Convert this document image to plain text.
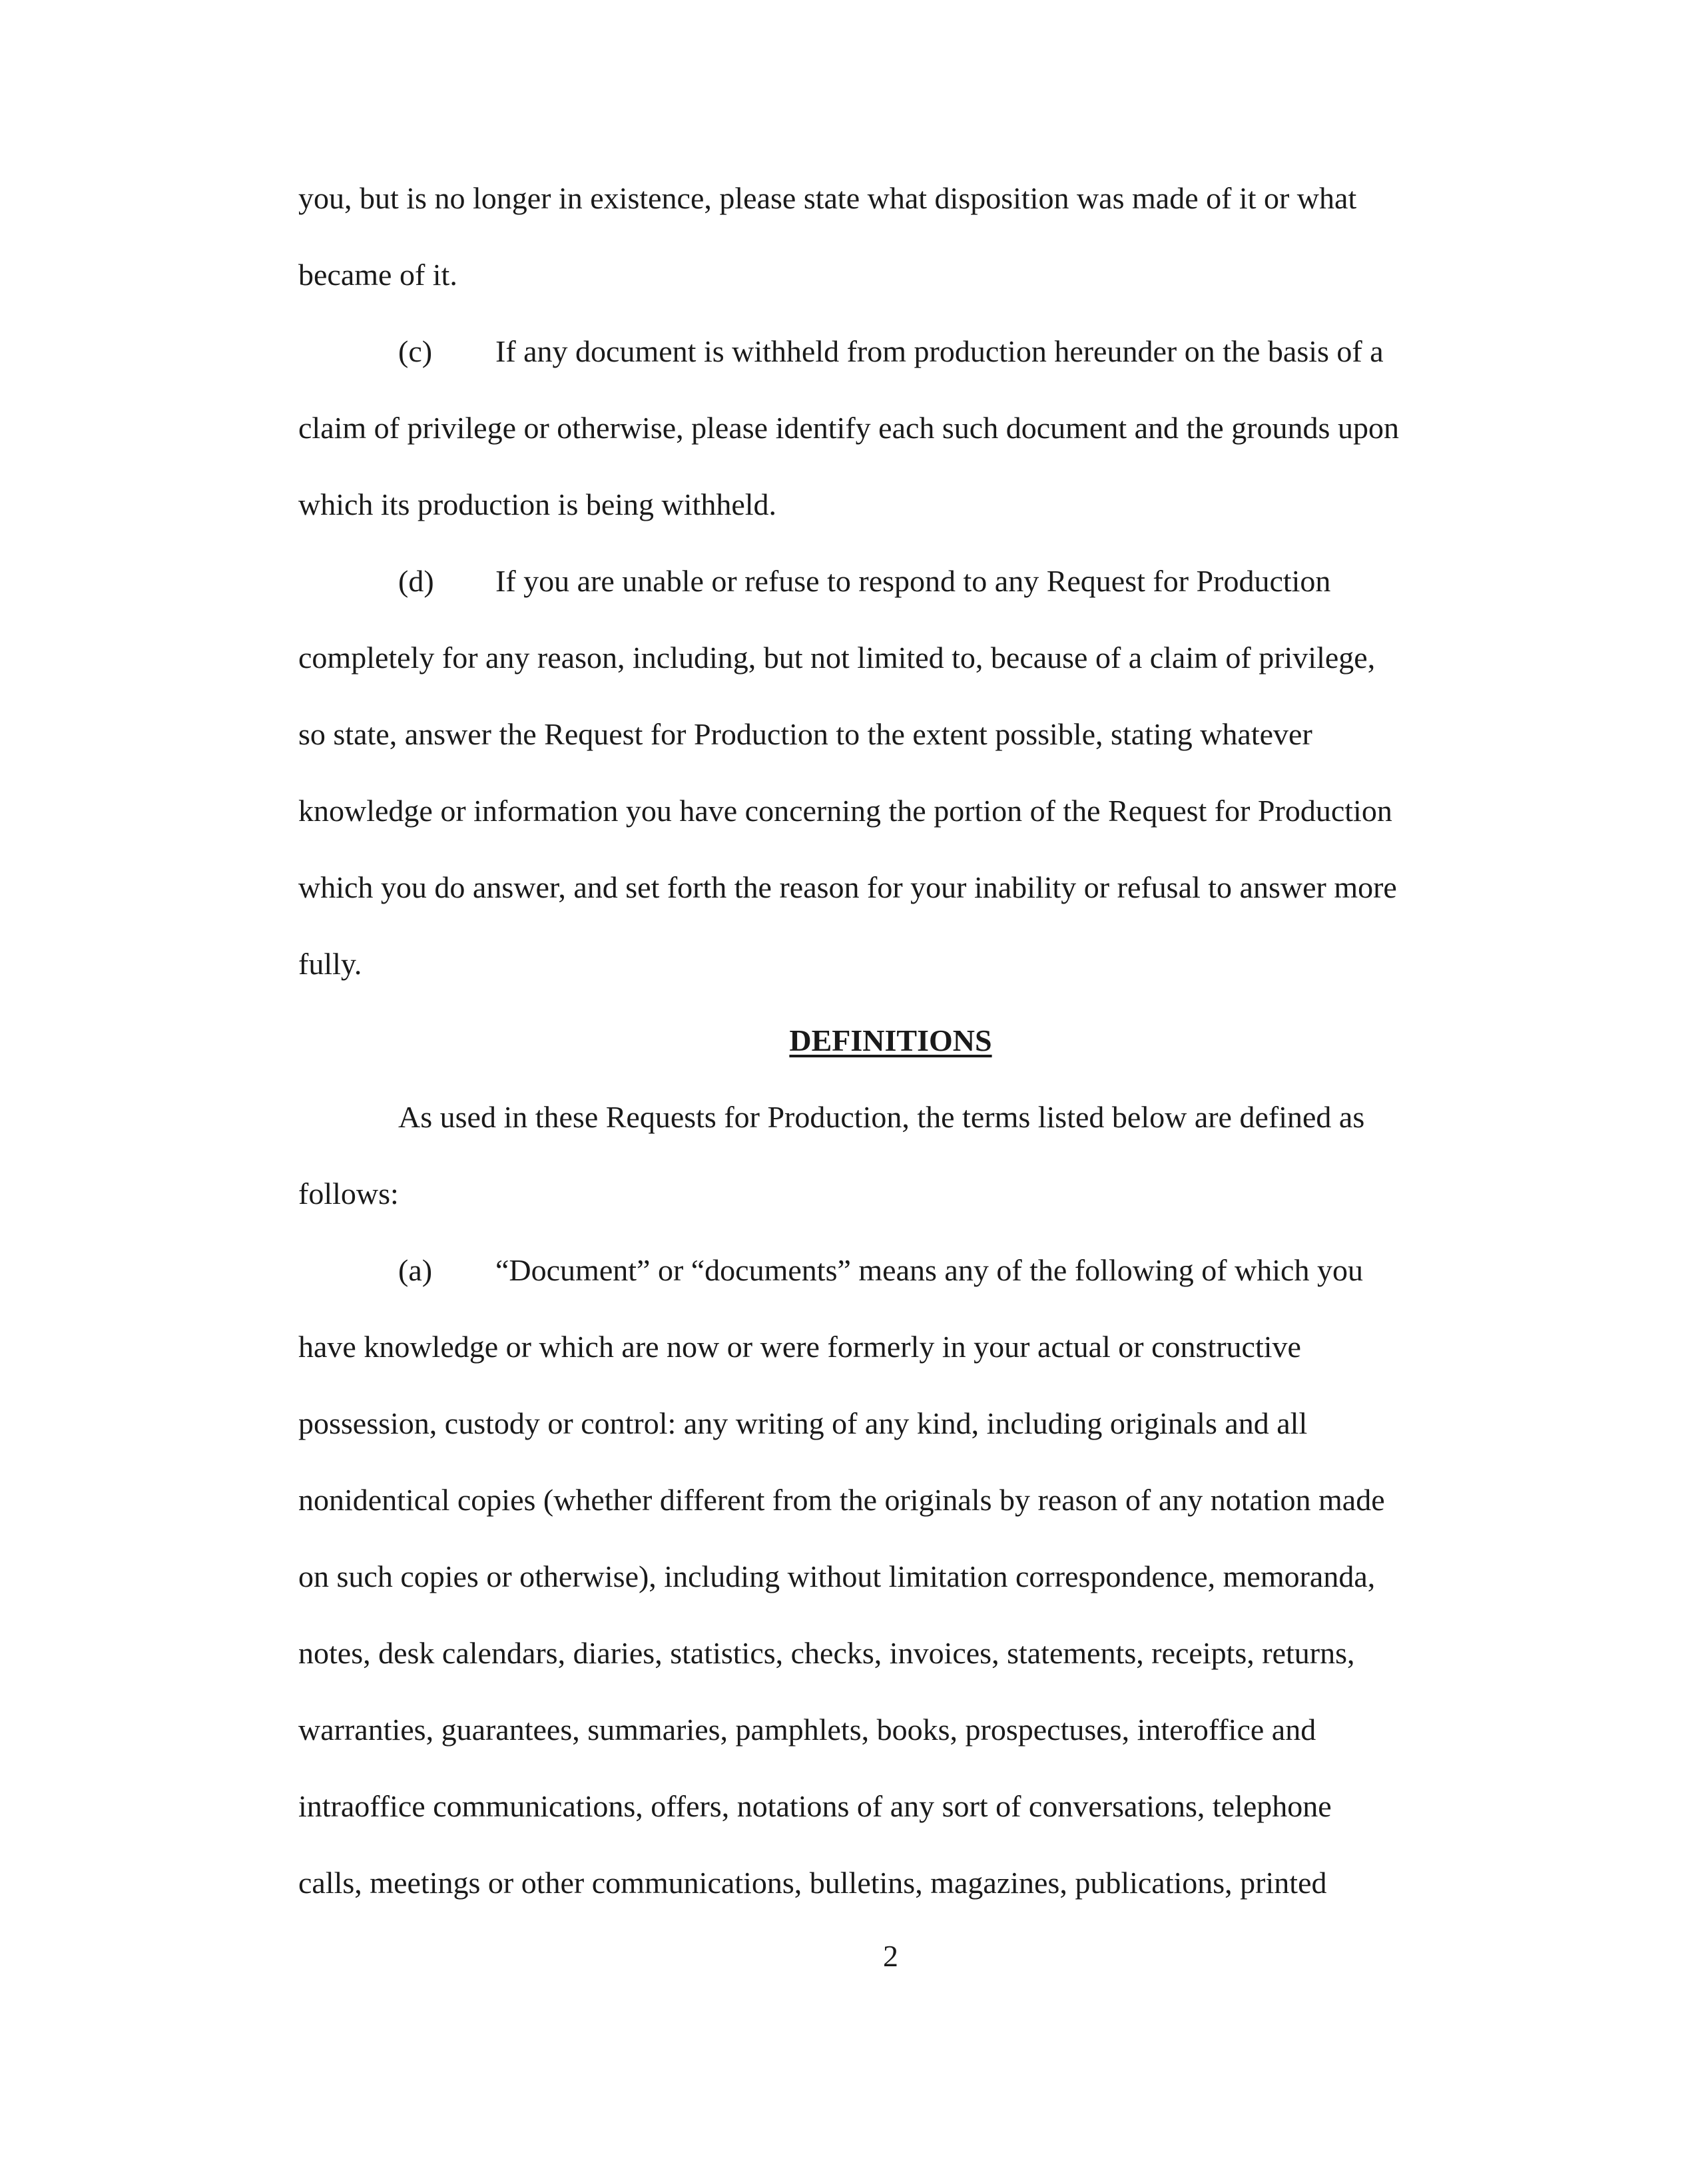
you, but is no longer in existence, please state what disposition was made of it or what
became of it.
(c) If any document is withheld from production hereunder on the basis of a
claim of privilege or otherwise, please identify each such document and the grounds upon
which its production is being withheld.
(d) If you are unable or refuse to respond to any Request for Production
completely for any reason, including, but not limited to, because of a claim of privilege,
so state, answer the Request for Production to the extent possible, stating whatever
knowledge or information you have concerning the portion of the Request for Production
which you do answer, and set forth the reason for your inability or refusal to answer more
fully.
DEFINITIONS
As used in these Requests for Production, the terms listed below are defined as
follows:
(a) “Document” or “documents” means any of the following of which you
have knowledge or which are now or were formerly in your actual or constructive
possession, custody or control: any writing of any kind, including originals and all
nonidentical copies (whether different from the originals by reason of any notation made
on such copies or otherwise), including without limitation correspondence, memoranda,
notes, desk calendars, diaries, statistics, checks, invoices, statements, receipts, returns,
warranties, guarantees, summaries, pamphlets, books, prospectuses, interoffice and
intraoffice communications, offers, notations of any sort of conversations, telephone
calls, meetings or other communications, bulletins, magazines, publications, printed
2
